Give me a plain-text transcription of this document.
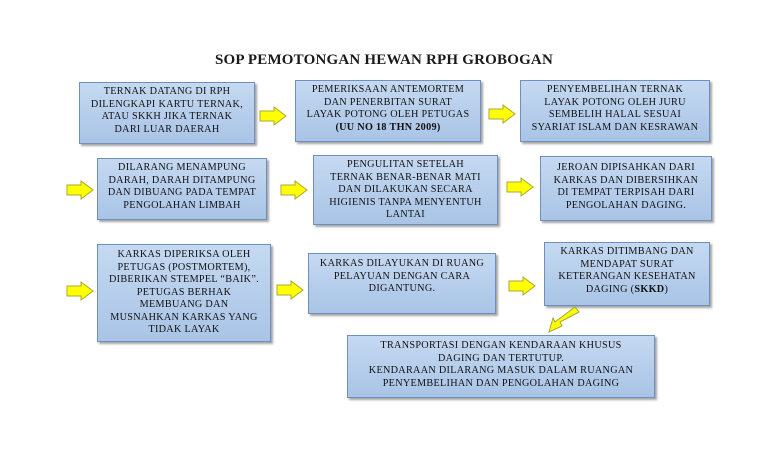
SOP PEMOTONGAN HEWAN RPH GROBOGAN
TERNAK DATANG DI RPH
DILENGKAPI KARTU TERNAK,
ATAU SKKH JIKA TERNAK
DARI LUAR DAERAH
PEMERIKSAAN ANTEMORTEM
DAN PENERBITAN SURAT
LAYAK POTONG OLEH PETUGAS
(UU NO 18 THN 2009)
PENYEMBELIHAN TERNAK
LAYAK POTONG OLEH JURU
SEMBELIH HALAL SESUAI
SYARIAT ISLAM DAN KESRAWAN
DILARANG MENAMPUNG
DARAH, DARAH DITAMPUNG
DAN DIBUANG PADA TEMPAT
PENGOLAHAN LIMBAH
PENGULITAN SETELAH
TERNAK BENAR-BENAR MATI
DAN DILAKUKAN SECARA
HIGIENIS TANPA MENYENTUH
LANTAI
JEROAN DIPISAHKAN DARI
KARKAS DAN DIBERSIHKAN
DI TEMPAT TERPISAH DARI
PENGOLAHAN DAGING.
KARKAS DIPERIKSA OLEH
PETUGAS (POSTMORTEM),
DIBERIKAN STEMPEL “BAIK”.
PETUGAS BERHAK
MEMBUANG DAN
MUSNAHKAN KARKAS YANG
TIDAK LAYAK
KARKAS DILAYUKAN DI RUANG
PELAYUAN DENGAN CARA
DIGANTUNG.
KARKAS DITIMBANG DAN
MENDAPAT SURAT
KETERANGAN KESEHATAN
DAGING (SKKD)
TRANSPORTASI DENGAN KENDARAAN KHUSUS
DAGING DAN TERTUTUP.
KENDARAAN DILARANG MASUK DALAM RUANGAN
PENYEMBELIHAN DAN PENGOLAHAN DAGING
